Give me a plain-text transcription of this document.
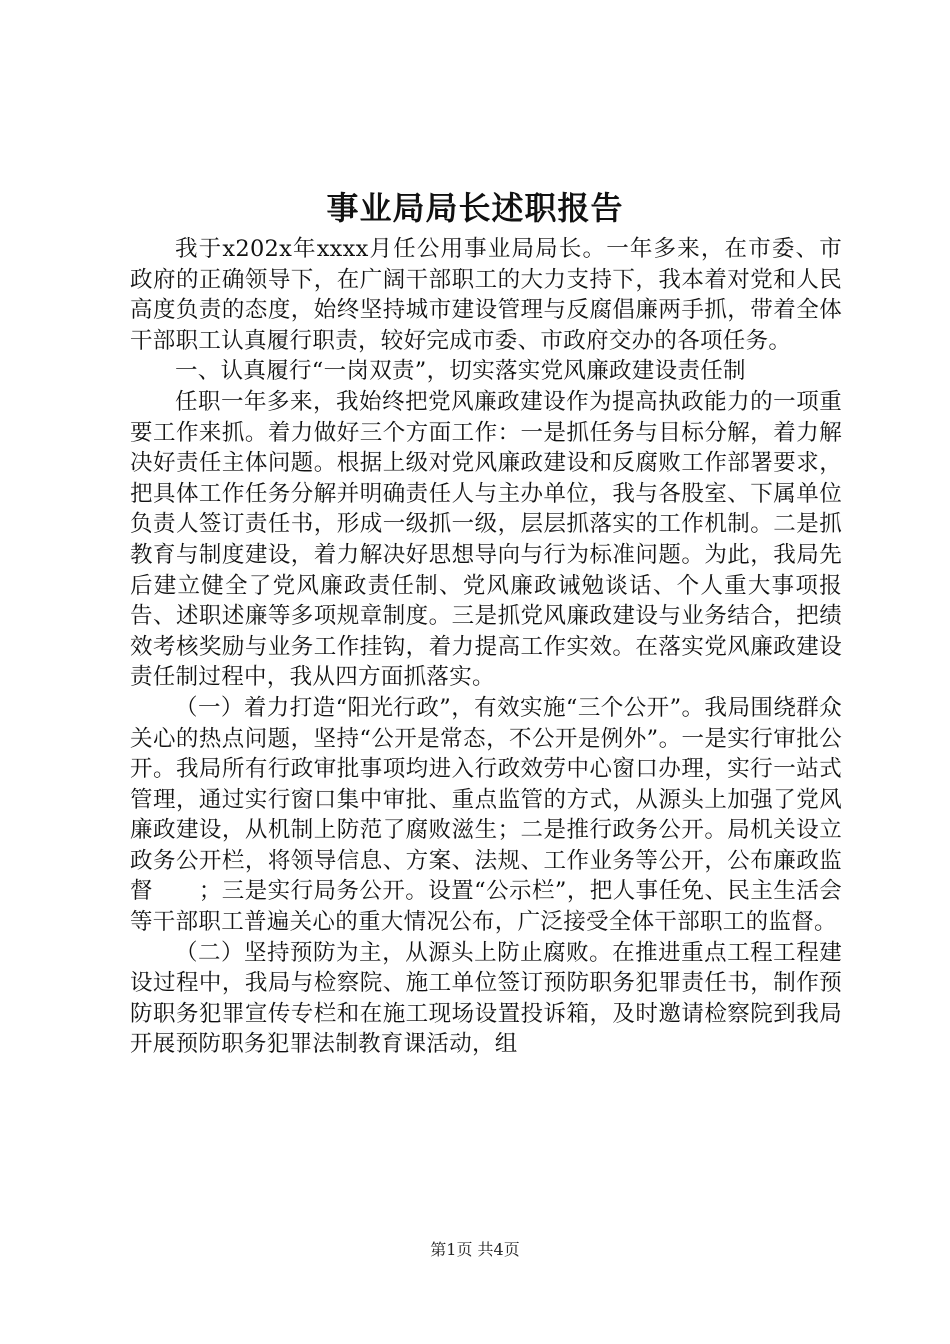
事业局局长述职报告

我于x202x年xxxx月任公用事业局局长。一年多来，在市委、市政府的正确领导下，在广阔干部职工的大力支持下，我本着对党和人民高度负责的态度，始终坚持城市建设管理与反腐倡廉两手抓，带着全体干部职工认真履行职责，较好完成市委、市政府交办的各项任务。

一、认真履行“一岗双责”，切实落实党风廉政建设责任制

任职一年多来，我始终把党风廉政建设作为提高执政能力的一项重要工作来抓。着力做好三个方面工作：一是抓任务与目标分解，着力解决好责任主体问题。根据上级对党风廉政建设和反腐败工作部署要求，把具体工作任务分解并明确责任人与主办单位，我与各股室、下属单位负责人签订责任书，形成一级抓一级，层层抓落实的工作机制。二是抓教育与制度建设，着力解决好思想导向与行为标准问题。为此，我局先后建立健全了党风廉政责任制、党风廉政诫勉谈话、个人重大事项报告、述职述廉等多项规章制度。三是抓党风廉政建设与业务结合，把绩效考核奖励与业务工作挂钩，着力提高工作实效。在落实党风廉政建设责任制过程中，我从四方面抓落实。

（一）着力打造“阳光行政”，有效实施“三个公开”。我局围绕群众关心的热点问题，坚持“公开是常态，不公开是例外”。一是实行审批公开。我局所有行政审批事项均进入行政效劳中心窗口办理，实行一站式管理，通过实行窗口集中审批、重点监管的方式，从源头上加强了党风廉政建设，从机制上防范了腐败滋生；二是推行政务公开。局机关设立政务公开栏，将领导信息、方案、法规、工作业务等公开，公布廉政监督　　；三是实行局务公开。设置“公示栏”，把人事任免、民主生活会等干部职工普遍关心的重大情况公布，广泛接受全体干部职工的监督。

（二）坚持预防为主，从源头上防止腐败。在推进重点工程工程建设过程中，我局与检察院、施工单位签订预防职务犯罪责任书，制作预防职务犯罪宣传专栏和在施工现场设置投诉箱，及时邀请检察院到我局开展预防职务犯罪法制教育课活动，组

第1页 共4页
